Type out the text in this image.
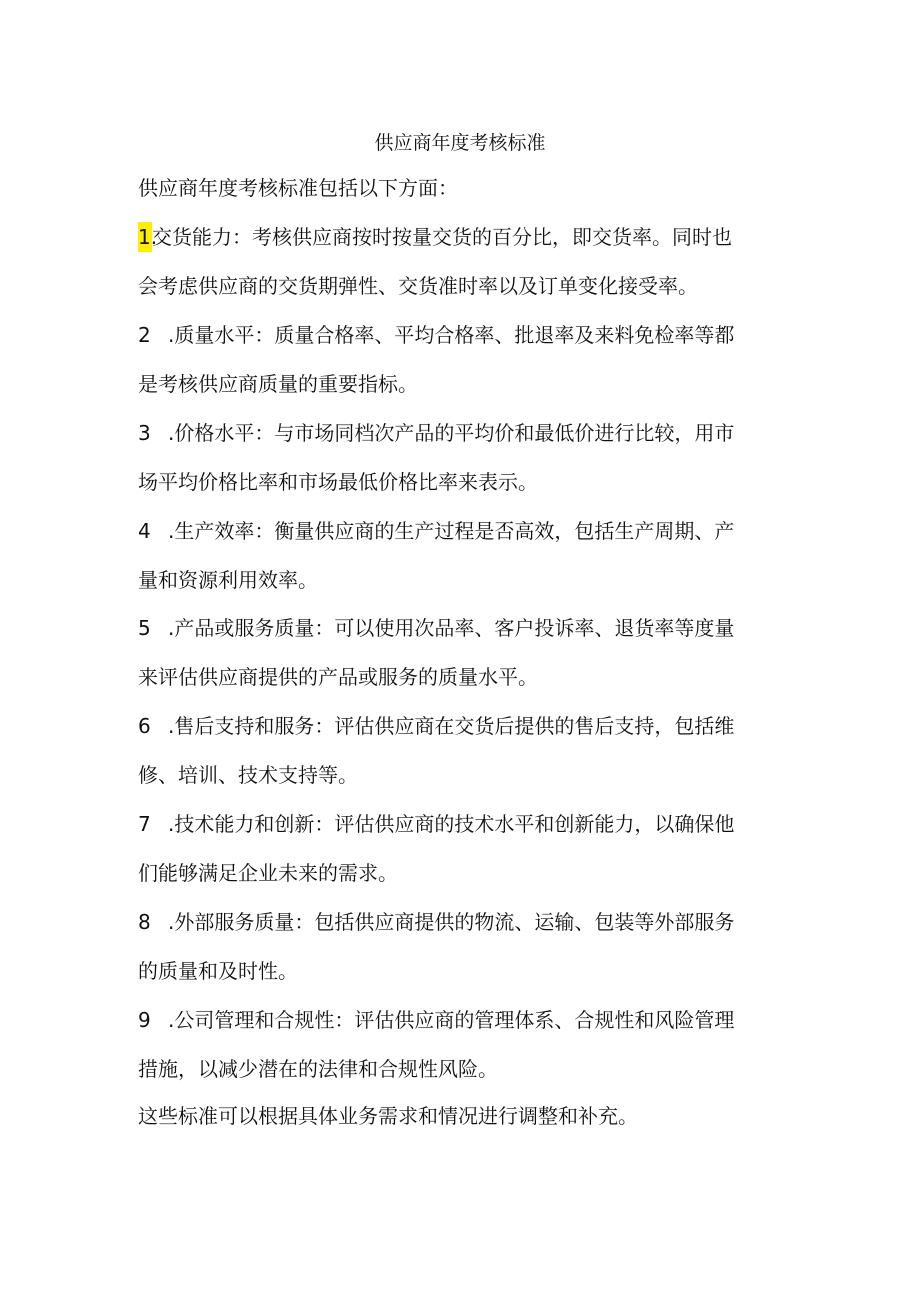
供应商年度考核标准
供应商年度考核标准包括以下方面：
1.交货能力：考核供应商按时按量交货的百分比，即交货率。同时也
会考虑供应商的交货期弹性、交货准时率以及订单变化接受率。
2 .质量水平：质量合格率、平均合格率、批退率及来料免检率等都
是考核供应商质量的重要指标。
3 .价格水平：与市场同档次产品的平均价和最低价进行比较，用市
场平均价格比率和市场最低价格比率来表示。
4 .生产效率：衡量供应商的生产过程是否高效，包括生产周期、产
量和资源利用效率。
5 .产品或服务质量：可以使用次品率、客户投诉率、退货率等度量
来评估供应商提供的产品或服务的质量水平。
6 .售后支持和服务：评估供应商在交货后提供的售后支持，包括维
修、培训、技术支持等。
7 .技术能力和创新：评估供应商的技术水平和创新能力，以确保他
们能够满足企业未来的需求。
8 .外部服务质量：包括供应商提供的物流、运输、包装等外部服务
的质量和及时性。
9 .公司管理和合规性：评估供应商的管理体系、合规性和风险管理
措施，以减少潜在的法律和合规性风险。
这些标准可以根据具体业务需求和情况进行调整和补充。
